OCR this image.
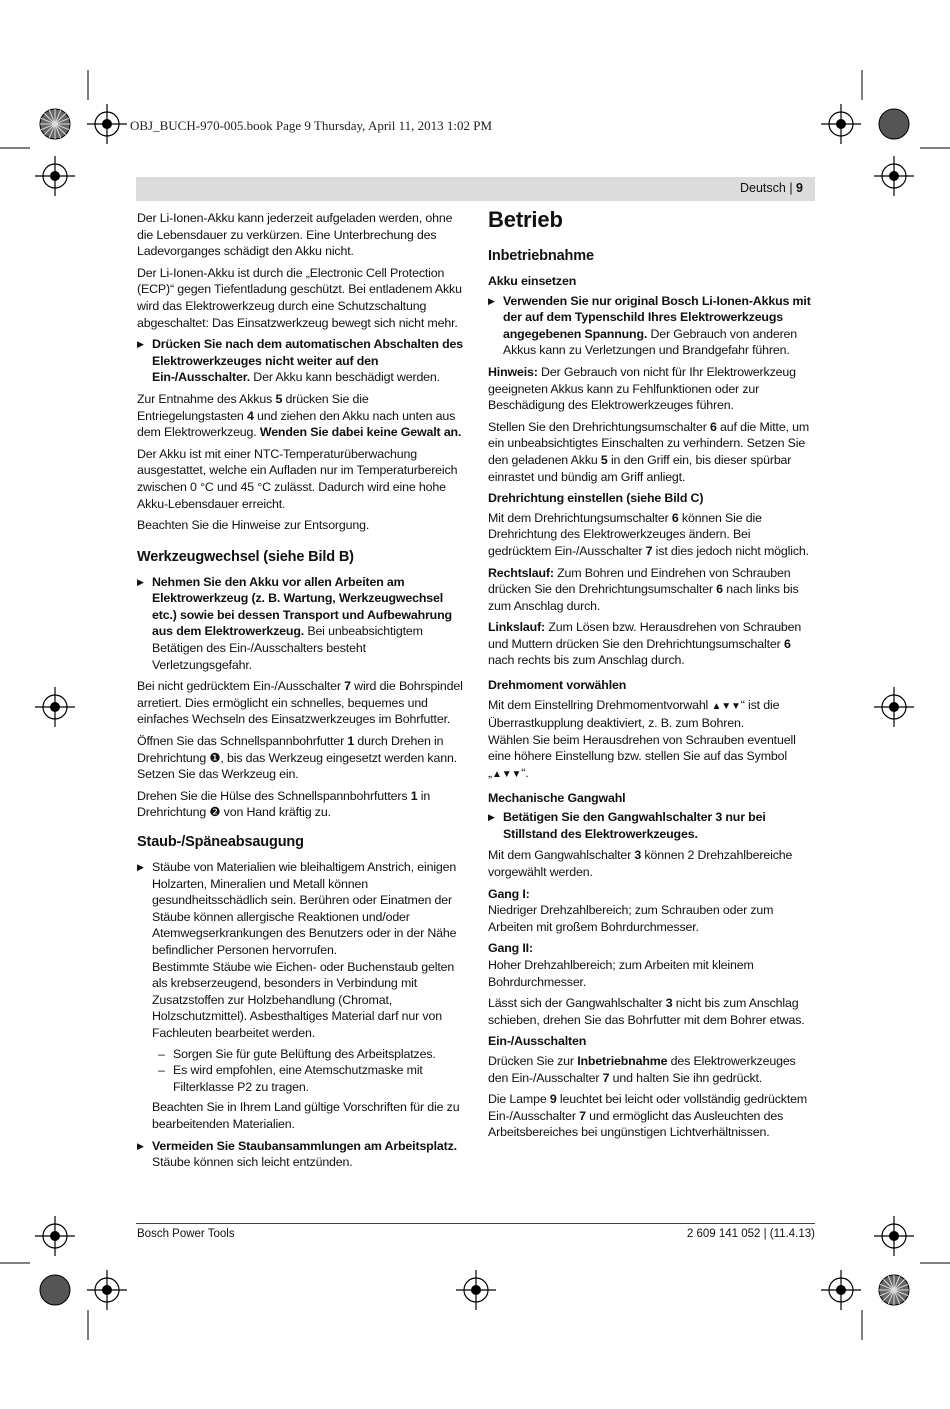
OBJ_BUCH-970-005.book Page 9 Thursday, April 11, 2013 1:02 PM
Deutsch | 9

Der Li-Ionen-Akku kann jederzeit aufgeladen werden, ohne die Lebensdauer zu verkürzen. Eine Unterbrechung des Ladevorganges schädigt den Akku nicht.

Der Li-Ionen-Akku ist durch die „Electronic Cell Protection (ECP)“ gegen Tiefentladung geschützt. Bei entladenem Akku wird das Elektrowerkzeug durch eine Schutzschaltung abgeschaltet: Das Einsatzwerkzeug bewegt sich nicht mehr.

▶ Drücken Sie nach dem automatischen Abschalten des Elektrowerkzeuges nicht weiter auf den Ein-/Ausschalter. Der Akku kann beschädigt werden.

Zur Entnahme des Akkus 5 drücken Sie die Entriegelungstasten 4 und ziehen den Akku nach unten aus dem Elektrowerkzeug. Wenden Sie dabei keine Gewalt an.

Der Akku ist mit einer NTC-Temperaturüberwachung ausgestattet, welche ein Aufladen nur im Temperaturbereich zwischen 0 °C und 45 °C zulässt. Dadurch wird eine hohe Akku-Lebensdauer erreicht.

Beachten Sie die Hinweise zur Entsorgung.

Werkzeugwechsel (siehe Bild B)
▶ Nehmen Sie den Akku vor allen Arbeiten am Elektrowerkzeug (z. B. Wartung, Werkzeugwechsel etc.) sowie bei dessen Transport und Aufbewahrung aus dem Elektrowerkzeug. Bei unbeabsichtigtem Betätigen des Ein-/Ausschalters besteht Verletzungsgefahr.

Bei nicht gedrücktem Ein-/Ausschalter 7 wird die Bohrspindel arretiert. Dies ermöglicht ein schnelles, bequemes und einfaches Wechseln des Einsatzwerkzeuges im Bohrfutter.

Öffnen Sie das Schnellspannbohrfutter 1 durch Drehen in Drehrichtung ❶, bis das Werkzeug eingesetzt werden kann. Setzen Sie das Werkzeug ein.

Drehen Sie die Hülse des Schnellspannbohrfutters 1 in Drehrichtung ❷ von Hand kräftig zu.

Staub-/Späneabsaugung
▶ Stäube von Materialien wie bleihaltigem Anstrich, einigen Holzarten, Mineralien und Metall können gesundheitsschädlich sein. Berühren oder Einatmen der Stäube können allergische Reaktionen und/oder Atemwegserkrankungen des Benutzers oder in der Nähe befindlicher Personen hervorrufen.
Bestimmte Stäube wie Eichen- oder Buchenstaub gelten als krebserzeugend, besonders in Verbindung mit Zusatzstoffen zur Holzbehandlung (Chromat, Holzschutzmittel). Asbesthaltiges Material darf nur von Fachleuten bearbeitet werden.
– Sorgen Sie für gute Belüftung des Arbeitsplatzes.
– Es wird empfohlen, eine Atemschutzmaske mit Filterklasse P2 zu tragen.

Beachten Sie in Ihrem Land gültige Vorschriften für die zu bearbeitenden Materialien.

▶ Vermeiden Sie Staubansammlungen am Arbeitsplatz. Stäube können sich leicht entzünden.
Betrieb
Inbetriebnahme
Akku einsetzen
▶ Verwenden Sie nur original Bosch Li-Ionen-Akkus mit der auf dem Typenschild Ihres Elektrowerkzeugs angegebenen Spannung. Der Gebrauch von anderen Akkus kann zu Verletzungen und Brandgefahr führen.

Hinweis: Der Gebrauch von nicht für Ihr Elektrowerkzeug geeigneten Akkus kann zu Fehlfunktionen oder zur Beschädigung des Elektrowerkzeuges führen.

Stellen Sie den Drehrichtungsumschalter 6 auf die Mitte, um ein unbeabsichtigtes Einschalten zu verhindern. Setzen Sie den geladenen Akku 5 in den Griff ein, bis dieser spürbar einrastet und bündig am Griff anliegt.

Drehrichtung einstellen (siehe Bild C)

Mit dem Drehrichtungsumschalter 6 können Sie die Drehrichtung des Elektrowerkzeuges ändern. Bei gedrücktem Ein-/Ausschalter 7 ist dies jedoch nicht möglich.

Rechtslauf: Zum Bohren und Eindrehen von Schrauben drücken Sie den Drehrichtungsumschalter 6 nach links bis zum Anschlag durch.

Linkslauf: Zum Lösen bzw. Herausdrehen von Schrauben und Muttern drücken Sie den Drehrichtungsumschalter 6 nach rechts bis zum Anschlag durch.

Drehmoment vorwählen

Mit dem Einstellring Drehmomentvorwahl ▲▼▼“ ist die Überrastkupplung deaktiviert, z. B. zum Bohren.

Wählen Sie beim Herausdrehen von Schrauben eventuell eine höhere Einstellung bzw. stellen Sie auf das Symbol „▲▼▼“.

Mechanische Gangwahl
▶ Betätigen Sie den Gangwahlschalter 3 nur bei Stillstand des Elektrowerkzeuges.

Mit dem Gangwahlschalter 3 können 2 Drehzahlbereiche vorgewählt werden.

Gang I:

Niedriger Drehzahlbereich; zum Schrauben oder zum Arbeiten mit großem Bohrdurchmesser.

Gang II:

Hoher Drehzahlbereich; zum Arbeiten mit kleinem Bohrdurchmesser.

Lässt sich der Gangwahlschalter 3 nicht bis zum Anschlag schieben, drehen Sie das Bohrfutter mit dem Bohrer etwas.

Ein-/Ausschalten

Drücken Sie zur Inbetriebnahme des Elektrowerkzeuges den Ein-/Ausschalter 7 und halten Sie ihn gedrückt.

Die Lampe 9 leuchtet bei leicht oder vollständig gedrücktem Ein-/Ausschalter 7 und ermöglicht das Ausleuchten des Arbeitsbereiches bei ungünstigen Lichtverhältnissen.

Bosch Power Tools	2 609 141 052 | (11.4.13)
